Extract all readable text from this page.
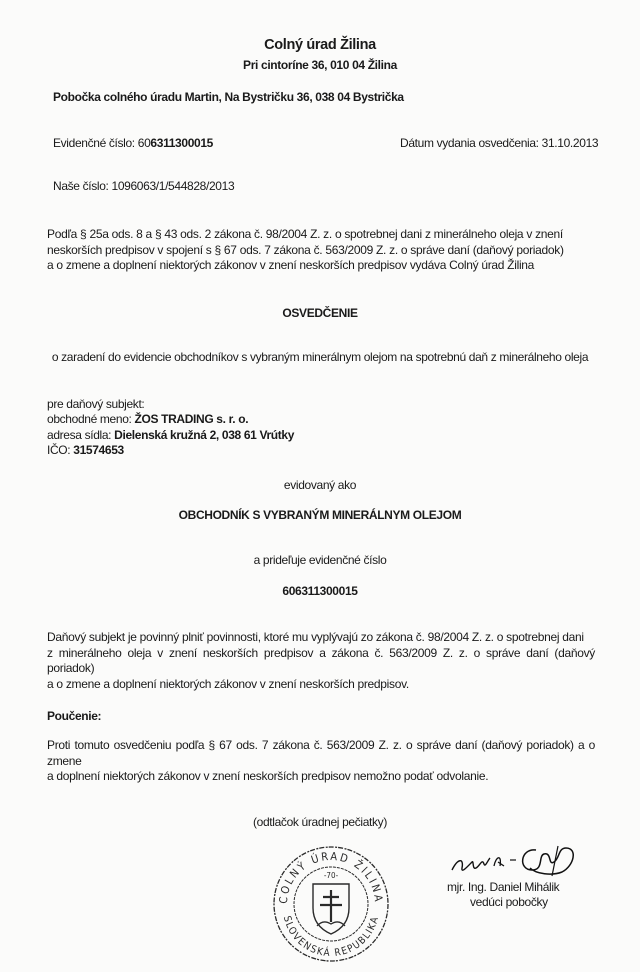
Colný úrad Žilina
Pri cintoríne 36, 010 04 Žilina
Pobočka colného úradu Martin, Na Bystričku 36, 038 04 Bystrička
Evidenčné číslo: 606311300015	Dátum vydania osvedčenia: 31.10.2013
Naše číslo: 1096063/1/544828/2013
Podľa § 25a ods. 8 a § 43 ods. 2 zákona č. 98/2004 Z. z. o spotrebnej dani z minerálneho oleja v znení
neskorších predpisov v spojení s § 67 ods. 7 zákona č. 563/2009 Z. z. o správe daní (daňový poriadok)
a o zmene a doplnení niektorých zákonov v znení neskorších predpisov vydáva Colný úrad Žilina
OSVEDČENIE
o zaradení do evidencie obchodníkov s vybraným minerálnym olejom na spotrebnú daň z minerálneho oleja
pre daňový subjekt:
obchodné meno: ŽOS TRADING s. r. o.
adresa sídla: Dielenská kružná 2, 038 61 Vrútky
IČO: 31574653
evidovaný ako
OBCHODNÍK S VYBRANÝM MINERÁLNYM OLEJOM
a prideľuje evidenčné číslo
606311300015
Daňový subjekt je povinný plniť povinnosti, ktoré mu vyplývajú zo zákona č. 98/2004 Z. z. o spotrebnej dani
z minerálneho oleja v znení neskorších predpisov a zákona č. 563/2009 Z. z. o správe daní (daňový poriadok)
a o zmene a doplnení niektorých zákonov v znení neskorších predpisov.
Poučenie:
Proti tomuto osvedčeniu podľa § 67 ods. 7 zákona č. 563/2009 Z. z. o správe daní (daňový poriadok) a o zmene
a doplnení niektorých zákonov v znení neskorších predpisov nemožno podať odvolanie.
(odtlačok úradnej pečiatky)
COLNÝ ÚRAD ŽILINA
SLOVENSKÁ REPUBLIKA
-70-
mjr. Ing. Daniel Mihálik
vedúci pobočky
